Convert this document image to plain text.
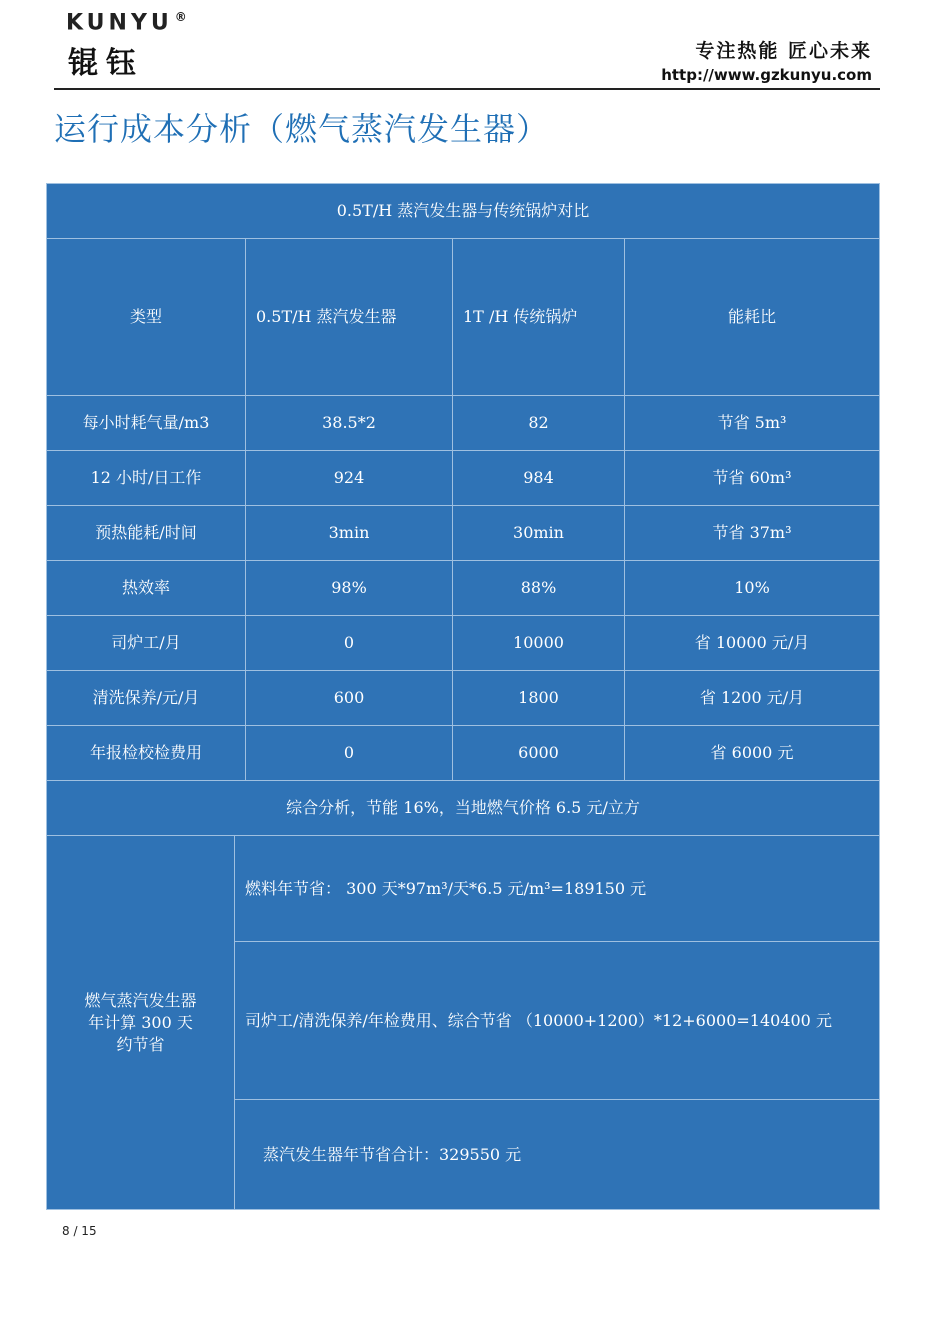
KUNYU ®
锟钰	专注热能 匠心未来
http://www.gzkunyu.com
运行成本分析（燃气蒸汽发生器）
0.5T/H 蒸汽发生器与传统锅炉对比				
类型		0.5T/H 蒸汽发生器	1T /H 传统锅炉	能耗比
每小时耗气量/m3		38.5*2	82	节省 5m³
12 小时/日工作		924	984	节省 60m³
预热能耗/时间		3min	30min	节省 37m³
热效率		98%	88%	10%
司炉工/月		0	10000	省 10000 元/月
清洗保养/元/月		600	1800	省 1200 元/月
年报检校检费用		0	6000	省 6000 元
综合分析，节能 16%，当地燃气价格 6.5 元/立方				

燃气蒸汽发生器
年计算 300 天
约节省	燃料年节省： 300 天*97m³/天*6.5 元/m³=189150 元			
	司炉工/清洗保养/年检费用、综合节省 （10000+1200）*12+6000=140400 元			
	蒸汽发生器年节省合计：329550 元			
8 / 15
